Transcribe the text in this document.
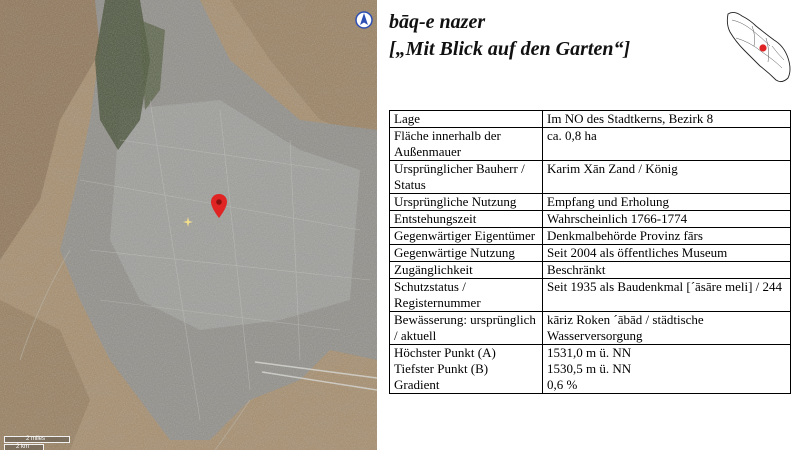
2 miles
2 km
bāq-e nazer
[„Mit Blick auf den Garten“]
Lage	Im NO des Stadtkerns, Bezirk 8
Fläche innerhalb der Außenmauer	ca. 0,8 ha
Ursprünglicher Bauherr / Status	Karim Xān Zand / König
Ursprüngliche Nutzung	Empfang und Erholung
Entstehungszeit	Wahrscheinlich 1766-1774
Gegenwärtiger Eigentümer	Denkmalbehörde Provinz fārs
Gegenwärtige Nutzung	Seit 2004 als öffentliches Museum
Zugänglichkeit	Beschränkt
Schutzstatus / Registernummer	Seit 1935 als Baudenkmal [´āsāre meli] / 244
Bewässerung: ursprünglich / aktuell	kāriz Roken ´ābād / städtische Wasserversorgung
Höchster Punkt (A)	1531,0 m ü. NN
Tiefster Punkt (B)	1530,5 m ü. NN
Gradient	0,6 %
